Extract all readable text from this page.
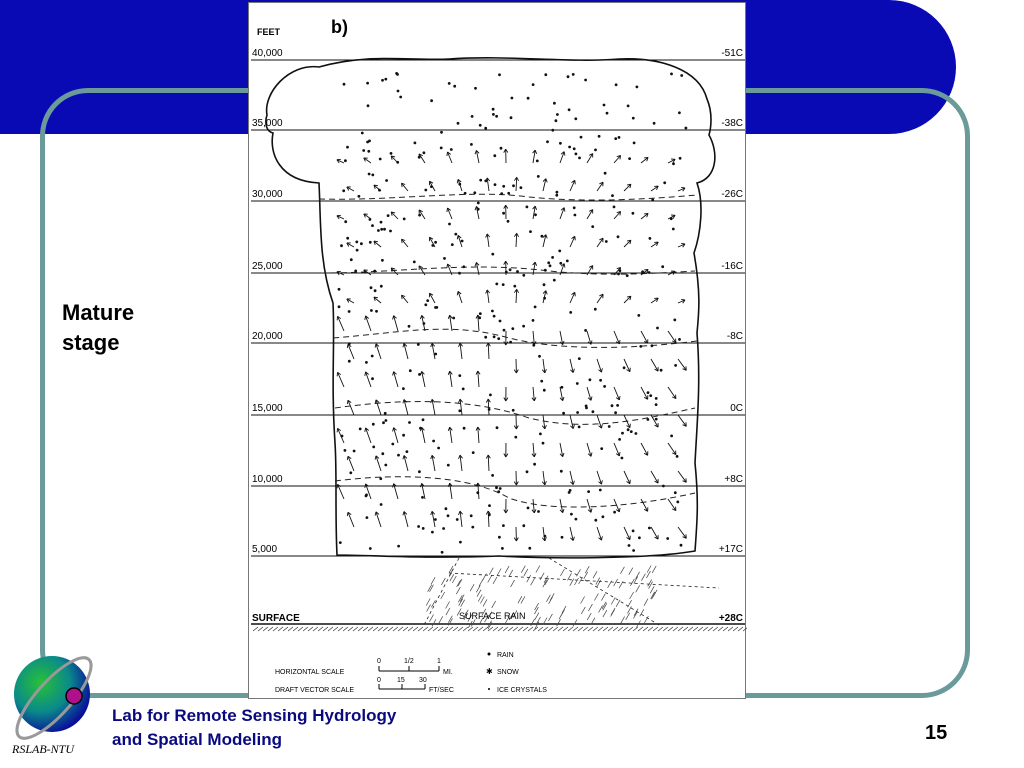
Mature
stage
FEET	b)
40,000
35,000
30,000
25,000
20,000
15,000
10,000
5,000
SURFACE
-51C
-38C
-26C
-16C
-8C
0C
+8C
+17C
+28C
SURFACE RAIN
HORIZONTAL SCALE
0	1/2	1
MI.
DRAFT VECTOR SCALE
0 15 30
FT/SEC
RAIN
✱ SNOW
ICE CRYSTALS
RSLAB-NTU
Lab for Remote Sensing Hydrology
and Spatial Modeling	15
